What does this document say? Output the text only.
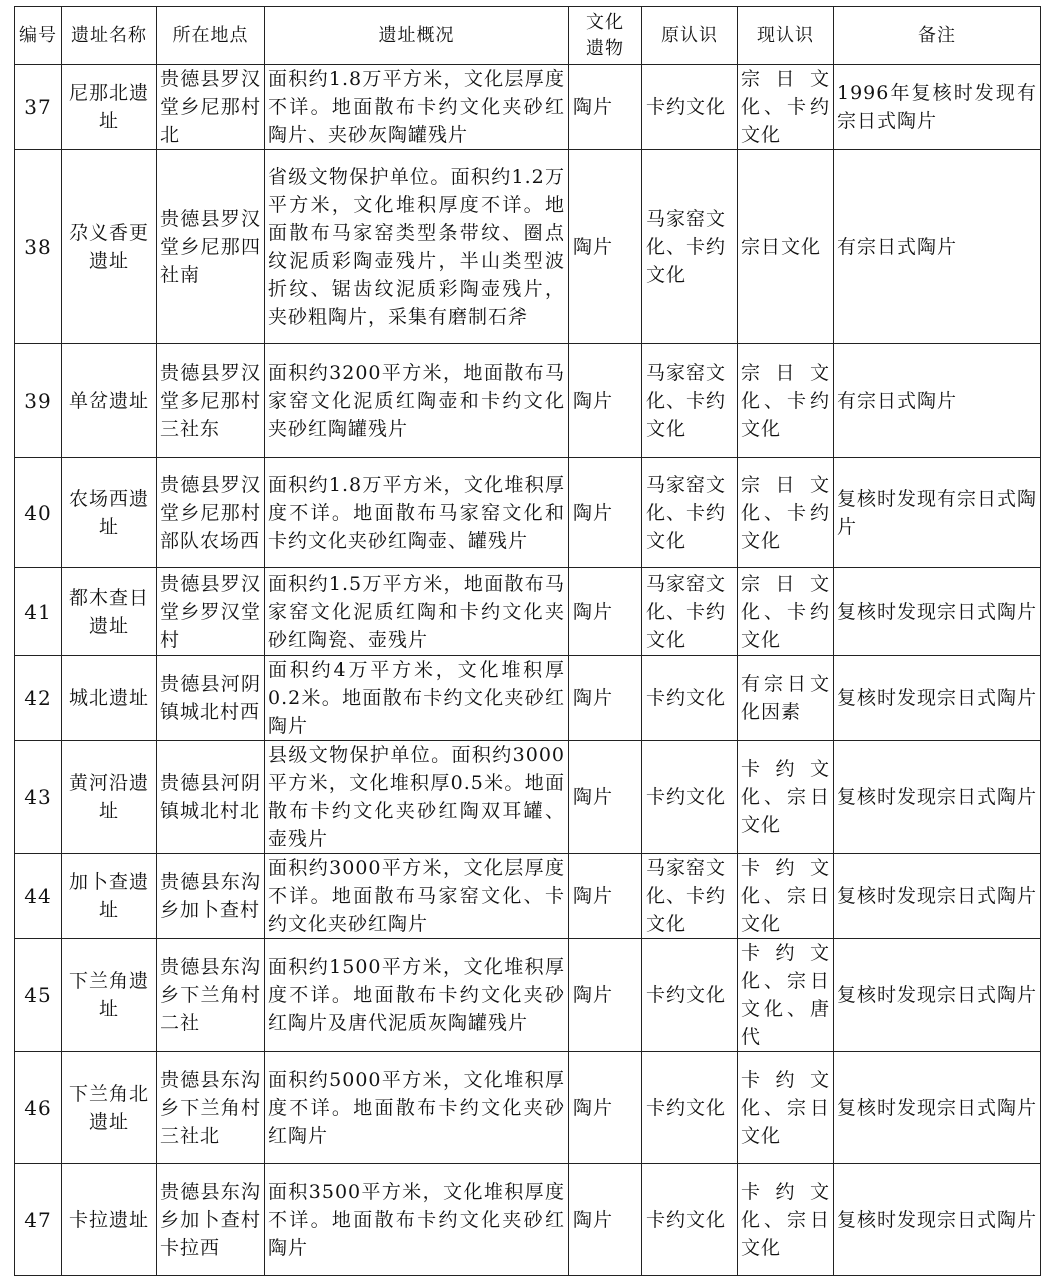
编号	遗址名称	所在地点	遗址概况	文化遗物	原认识	现认识	备注
37	尼那北遗址	贵德县罗汉堂乡尼那村北	面积约1.8万平方米，文化层厚度不详。地面散布卡约文化夹砂红陶片、夹砂灰陶罐残片	陶片	卡约文化	宗日文化、卡约文化	1996年复核时发现有宗日式陶片
38	尕义香更遗址	贵德县罗汉堂乡尼那四社南	省级文物保护单位。面积约1.2万平方米，文化堆积厚度不详。地面散布马家窑类型条带纹、圈点纹泥质彩陶壶残片，半山类型波折纹、锯齿纹泥质彩陶壶残片，夹砂粗陶片，采集有磨制石斧	陶片	马家窑文化、卡约文化	宗日文化	有宗日式陶片
39	单岔遗址	贵德县罗汉堂多尼那村三社东	面积约3200平方米，地面散布马家窑文化泥质红陶壶和卡约文化夹砂红陶罐残片	陶片	马家窑文化、卡约文化	宗日文化、卡约文化	有宗日式陶片
40	农场西遗址	贵德县罗汉堂乡尼那村部队农场西	面积约1.8万平方米，文化堆积厚度不详。地面散布马家窑文化和卡约文化夹砂红陶壶、罐残片	陶片	马家窑文化、卡约文化	宗日文化、卡约文化	复核时发现有宗日式陶片
41	都木查日遗址	贵德县罗汉堂乡罗汉堂村	面积约1.5万平方米，地面散布马家窑文化泥质红陶和卡约文化夹砂红陶瓷、壶残片	陶片	马家窑文化、卡约文化	宗日文化、卡约文化	复核时发现宗日式陶片
42	城北遗址	贵德县河阴镇城北村西	面积约4万平方米，文化堆积厚0.2米。地面散布卡约文化夹砂红陶片	陶片	卡约文化	有宗日文化因素	复核时发现宗日式陶片
43	黄河沿遗址	贵德县河阴镇城北村北	县级文物保护单位。面积约3000平方米，文化堆积厚0.5米。地面散布卡约文化夹砂红陶双耳罐、壶残片	陶片	卡约文化	卡约文化、宗日文化	复核时发现宗日式陶片
44	加卜查遗址	贵德县东沟乡加卜查村	面积约3000平方米，文化层厚度不详。地面散布马家窑文化、卡约文化夹砂红陶片	陶片	马家窑文化、卡约文化	卡约文化、宗日文化	复核时发现宗日式陶片
45	下兰角遗址	贵德县东沟乡下兰角村二社	面积约1500平方米，文化堆积厚度不详。地面散布卡约文化夹砂红陶片及唐代泥质灰陶罐残片	陶片	卡约文化	卡约文化、宗日文化、唐代	复核时发现宗日式陶片
46	下兰角北遗址	贵德县东沟乡下兰角村三社北	面积约5000平方米，文化堆积厚度不详。地面散布卡约文化夹砂红陶片	陶片	卡约文化	卡约文化、宗日文化	复核时发现宗日式陶片
47	卡拉遗址	贵德县东沟乡加卜查村卡拉西	面积3500平方米，文化堆积厚度不详。地面散布卡约文化夹砂红陶片	陶片	卡约文化	卡约文化、宗日文化	复核时发现宗日式陶片
